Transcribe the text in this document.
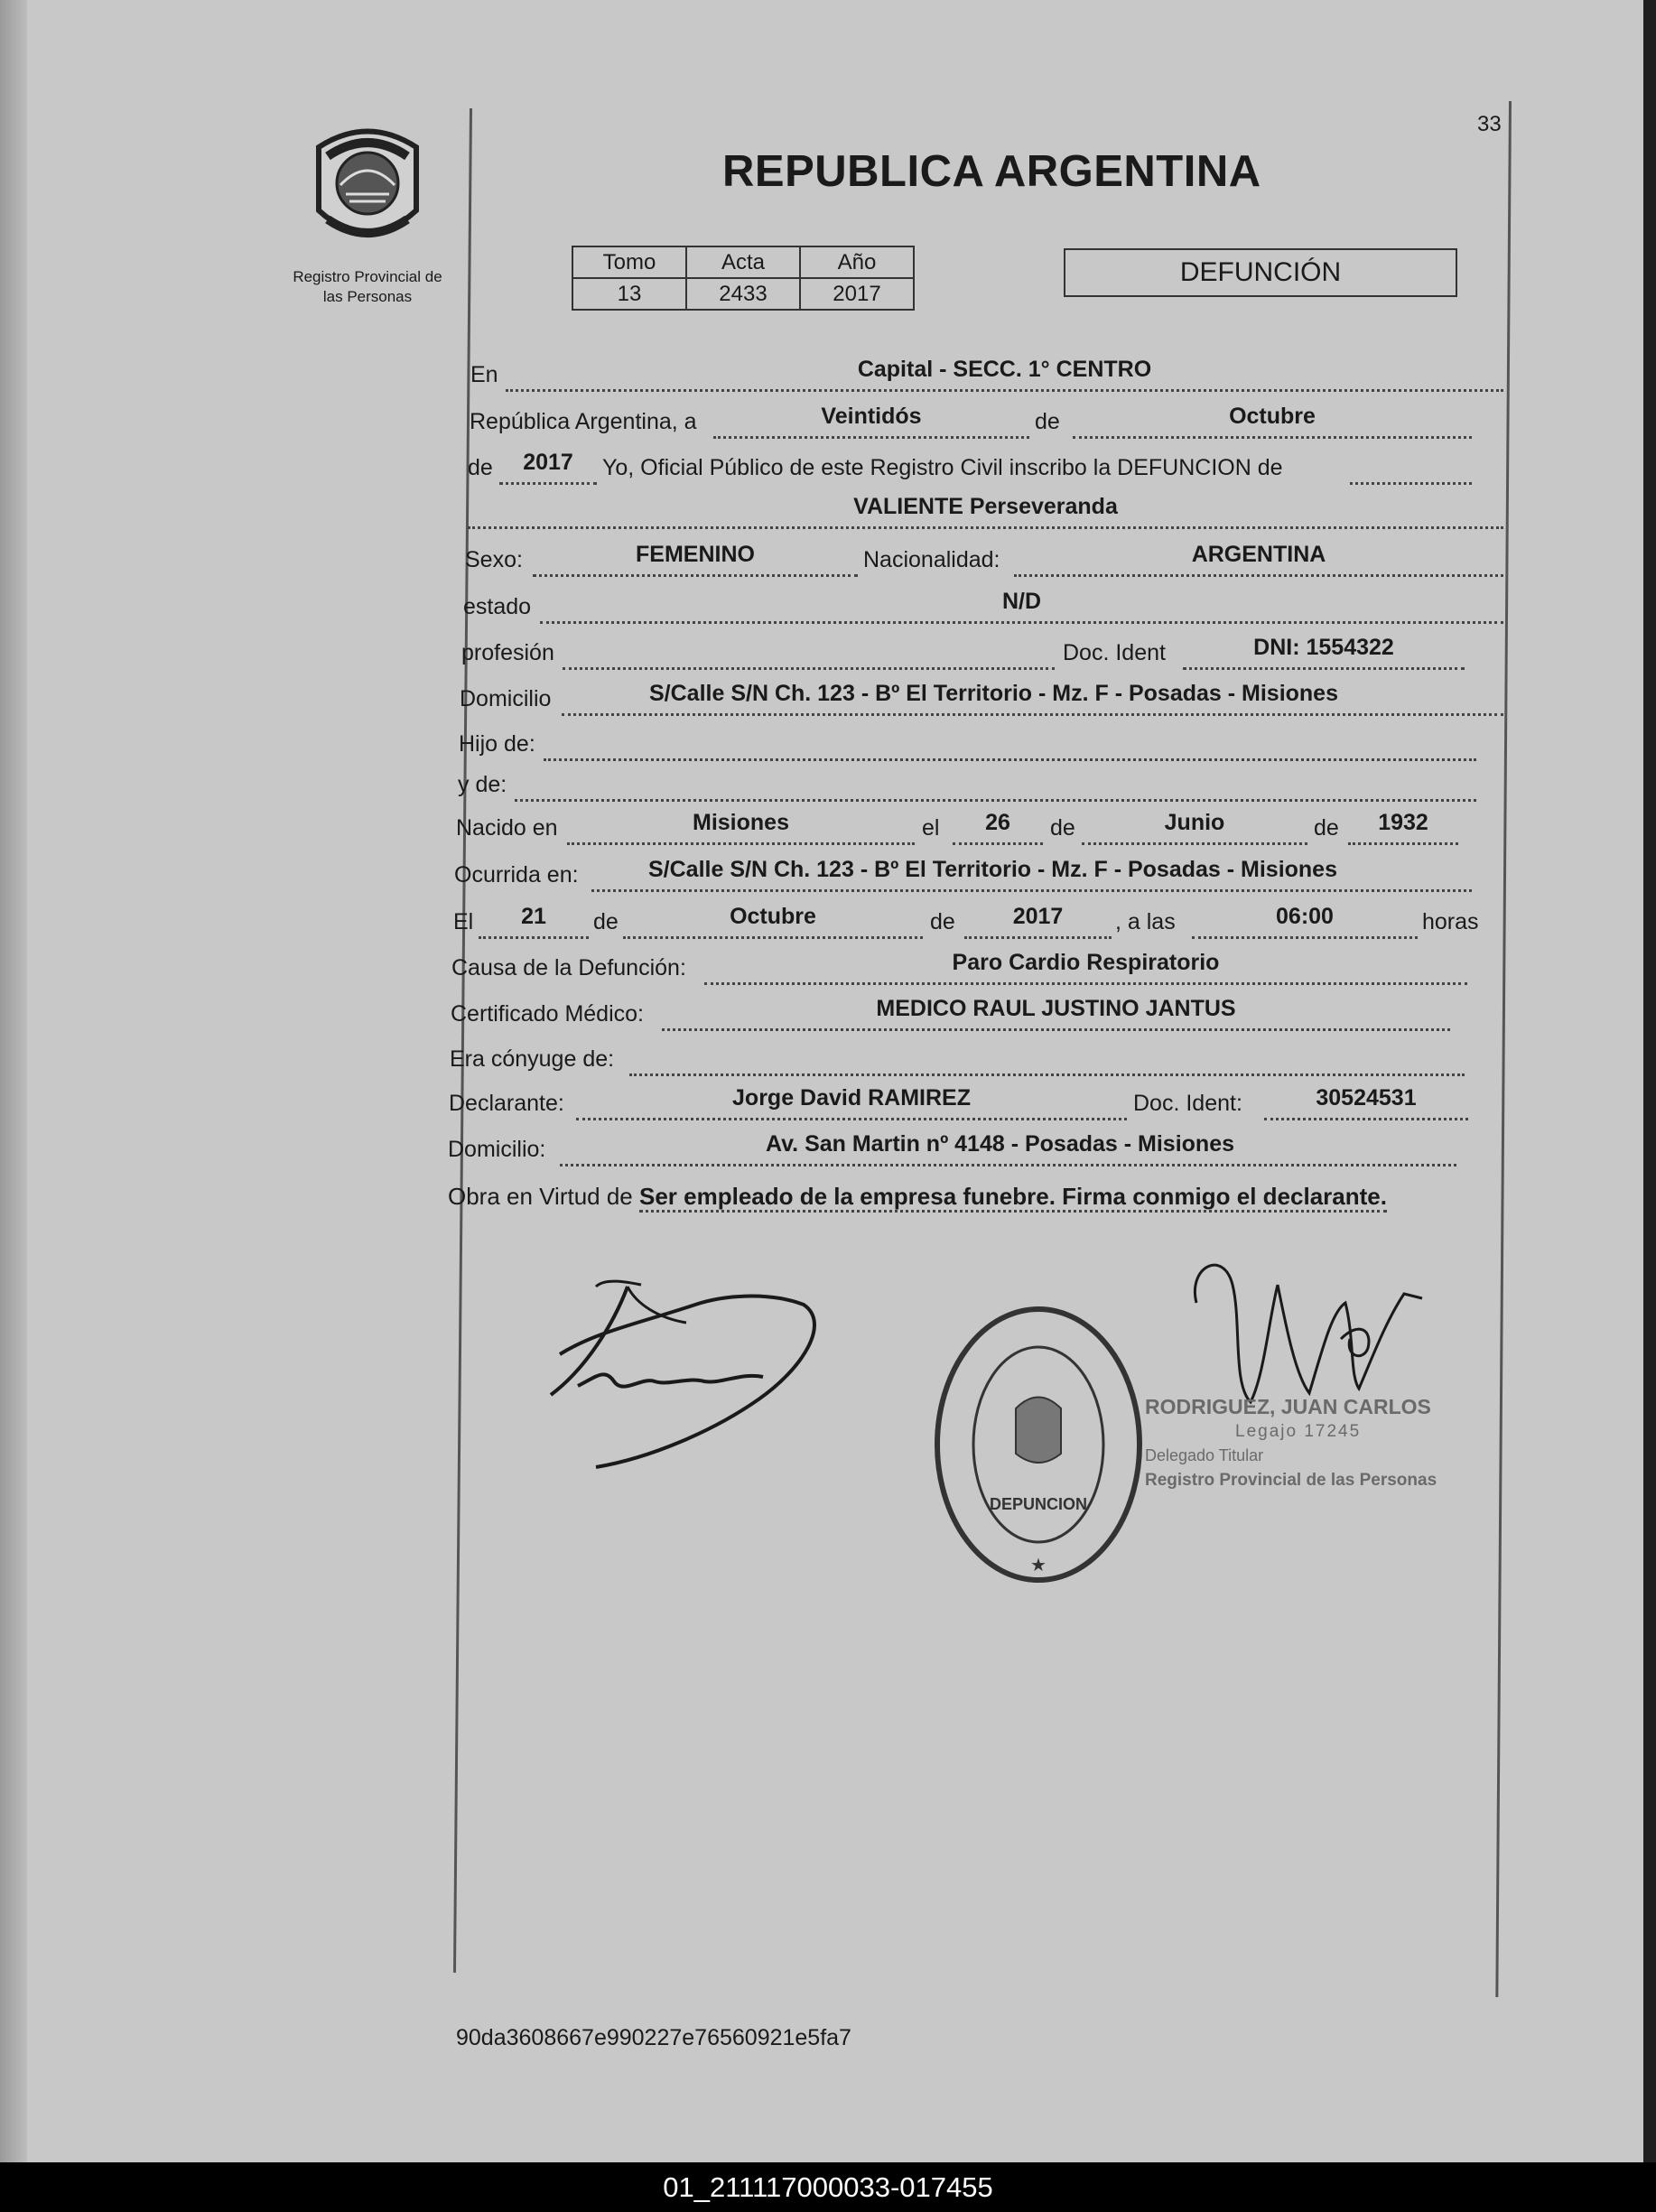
33
Registro Provincial de
las Personas
REPUBLICA ARGENTINA
Tomo	Acta	Año
13	2433	2017
DEFUNCIÓN
En	Capital - SECC. 1° CENTRO
República Argentina, a	Veintidós	de	Octubre
de	2017	Yo, Oficial Público de este Registro Civil inscribo la DEFUNCION de
VALIENTE Perseveranda
Sexo:	FEMENINO	Nacionalidad:	ARGENTINA
estado	N/D
profesión	Doc. Ident	DNI: 1554322
Domicilio	S/Calle S/N Ch. 123 - Bº El Territorio - Mz. F - Posadas - Misiones
Hijo de:
y de:
Nacido en	Misiones	el	26	de	Junio	de	1932
Ocurrida en:	S/Calle S/N Ch. 123 - Bº El Territorio - Mz. F - Posadas - Misiones
El	21	de	Octubre	de	2017	, a las	06:00	horas
Causa de la Defunción:	Paro Cardio Respiratorio
Certificado Médico:	MEDICO RAUL JUSTINO JANTUS
Era cónyuge de:
Declarante:	Jorge David RAMIREZ	Doc. Ident:	30524531
Domicilio:	Av. San Martin nº 4148 - Posadas - Misiones
Obra en Virtud de Ser empleado de la empresa funebre. Firma conmigo el declarante.
DEPUNCION
★
RODRIGUEZ, JUAN CARLOS
Legajo 17245
Delegado Titular
Registro Provincial de las Personas
90da3608667e990227e76560921e5fa7
01_211117000033-017455
